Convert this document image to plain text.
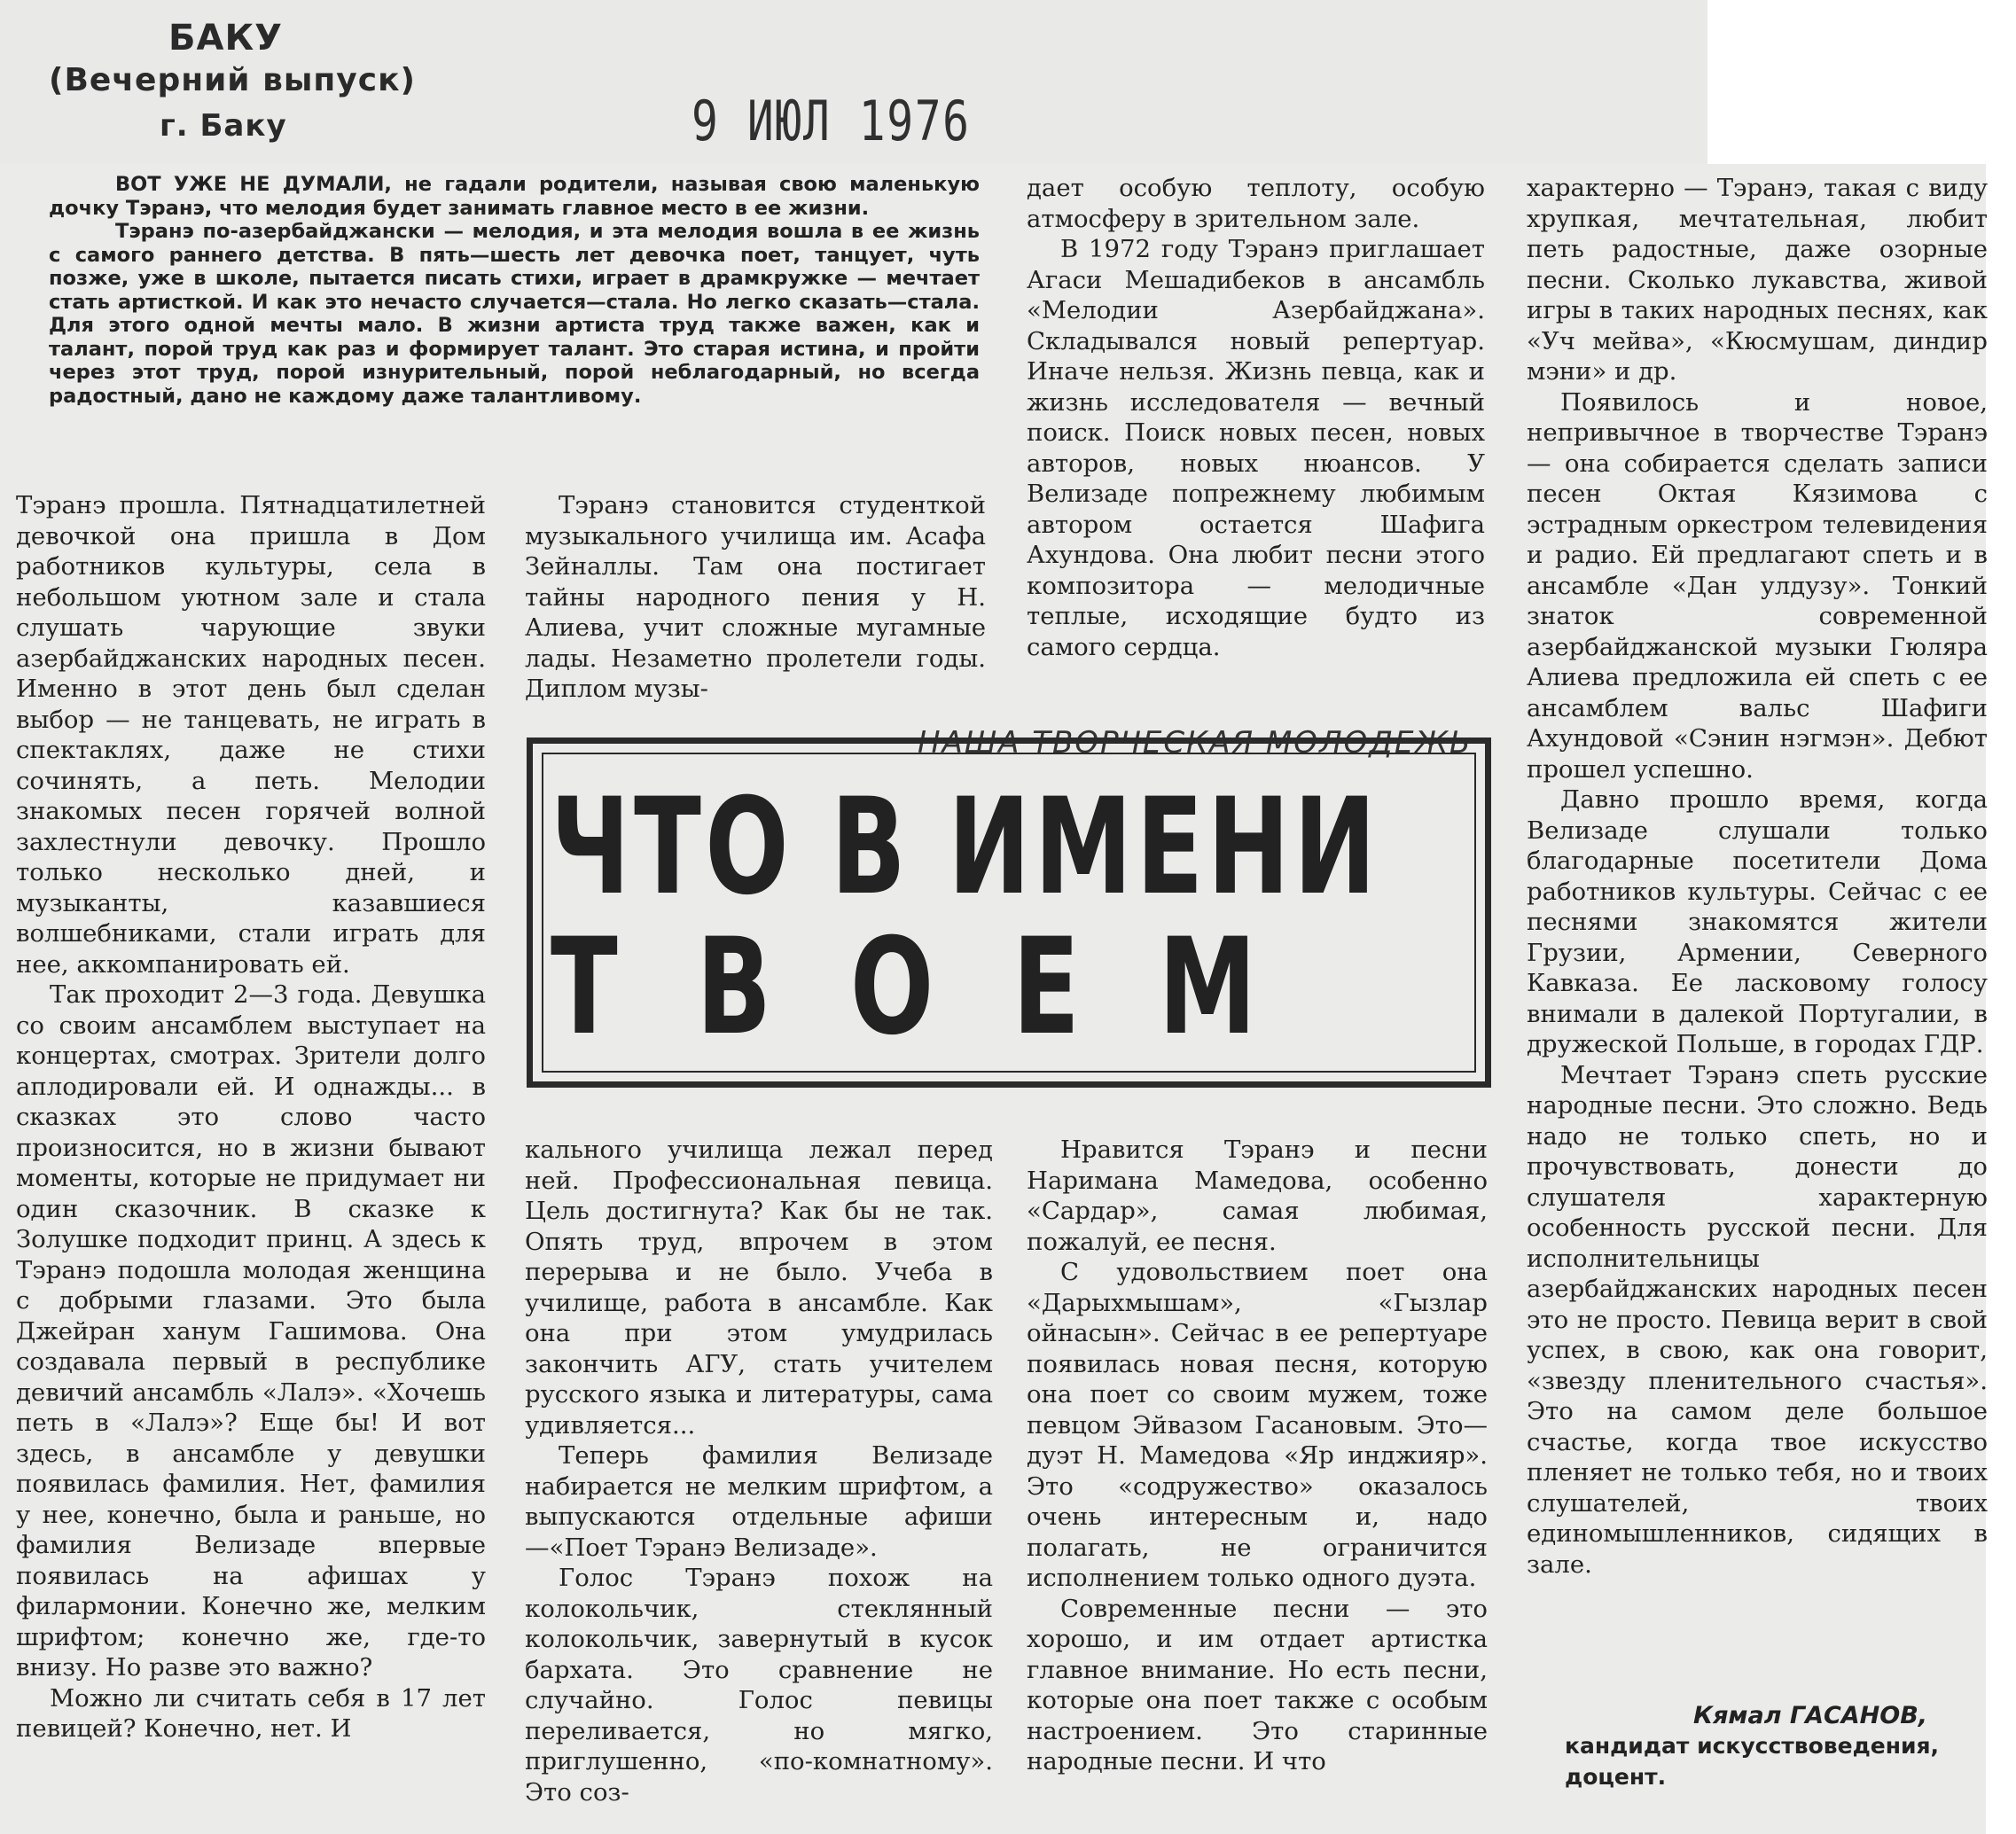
БАКУ
(Вечерний выпуск)
г. Баку	9 ИЮЛ 1976

ВОТ УЖЕ НЕ ДУМАЛИ, не гадали родители, называя свою маленькую дочку Тэранэ, что мелодия будет занимать главное место в ее жизни.

Тэранэ по-азербайджански — мелодия, и эта мелодия вошла в ее жизнь с самого раннего детства. В пять—шесть лет девочка поет, танцует, чуть позже, уже в школе, пытается писать стихи, играет в драмкружке — мечтает стать артисткой. И как это нечасто случается—стала. Но легко сказать—стала. Для этого одной мечты мало. В жизни артиста труд также важен, как и талант, порой труд как раз и формирует талант. Это старая истина, и пройти через этот труд, порой изнурительный, порой неблагодарный, но всегда радостный, дано не каждому даже талантливому.

Тэранэ прошла. Пятнадцатилетней девочкой она пришла в Дом работников культуры, села в небольшом уютном зале и стала слушать чарующие звуки азербайджанских народных песен. Именно в этот день был сделан выбор — не танцевать, не играть в спектаклях, даже не стихи сочинять, а петь. Мелодии знакомых песен горячей волной захлестнули девочку. Прошло только несколько дней, и музыканты, казавшиеся волшебниками, стали играть для нее, аккомпанировать ей.

Так проходит 2—3 года. Девушка со своим ансамблем выступает на концертах, смотрах. Зрители долго аплодировали ей. И однажды... в сказках это слово часто произносится, но в жизни бывают моменты, которые не придумает ни один сказочник. В сказке к Золушке подходит принц. А здесь к Тэранэ подошла молодая женщина с добрыми глазами. Это была Джейран ханум Гашимова. Она создавала первый в республике девичий ансамбль «Лалэ». «Хочешь петь в «Лалэ»? Еще бы! И вот здесь, в ансамбле у девушки появилась фамилия. Нет, фамилия у нее, конечно, была и раньше, но фамилия Велизаде впервые появилась на афишах у филармонии. Конечно же, мелким шрифтом; конечно же, где-то внизу. Но разве это важно?

Можно ли считать себя в 17 лет певицей? Конечно, нет. И

Тэранэ становится студенткой музыкального училища им. Асафа Зейналлы. Там она постигает тайны народного пения у Н. Алиева, учит сложные мугамные лады. Незаметно пролетели годы. Диплом музы-

дает особую теплоту, особую атмосферу в зрительном зале.

В 1972 году Тэранэ приглашает Агаси Мешадибеков в ансамбль «Мелодии Азербайджана». Складывался новый репертуар. Иначе нельзя. Жизнь певца, как и жизнь исследователя — вечный поиск. Поиск новых песен, новых авторов, новых нюансов. У Велизаде попрежнему любимым автором остается Шафига Ахундова. Она любит песни этого композитора — мелодичные теплые, исходящие будто из самого сердца.

НАША ТВОРЧЕСКАЯ МОЛОДЕЖЬ
ЧТО В ИМЕНИ
ТВОЕМ

кального училища лежал перед ней. Профессиональная певица. Цель достигнута? Как бы не так. Опять труд, впрочем в этом перерыва и не было. Учеба в училище, работа в ансамбле. Как она при этом умудрилась закончить АГУ, стать учителем русского языка и литературы, сама удивляется...

Теперь фамилия Велизаде набирается не мелким шрифтом, а выпускаются отдельные афиши—«Поет Тэранэ Велизаде».

Голос Тэранэ похож на колокольчик, стеклянный колокольчик, завернутый в кусок бархата. Это сравнение не случайно. Голос певицы переливается, но мягко, приглушенно, «по-комнатному». Это соз-

Нравится Тэранэ и песни Наримана Мамедова, особенно «Сардар», самая любимая, пожалуй, ее песня.

С удовольствием поет она «Дарыхмышам», «Гызлар ойнасын». Сейчас в ее репертуаре появилась новая песня, которую она поет со своим мужем, тоже певцом Эйвазом Гасановым. Это—дуэт Н. Мамедова «Яр инджияр». Это «содружество» оказалось очень интересным и, надо полагать, не ограничится исполнением только одного дуэта.

Современные песни — это хорошо, и им отдает артистка главное внимание. Но есть песни, которые она поет также с особым настроением. Это старинные народные песни. И что

характерно — Тэранэ, такая с виду хрупкая, мечтательная, любит петь радостные, даже озорные песни. Сколько лукавства, живой игры в таких народных песнях, как «Уч мейва», «Кюсмушам, диндир мэни» и др.

Появилось и новое, непривычное в творчестве Тэранэ — она собирается сделать записи песен Октая Кязимова с эстрадным оркестром телевидения и радио. Ей предлагают спеть и в ансамбле «Дан улдузу». Тонкий знаток современной азербайджанской музыки Гюляра Алиева предложила ей спеть с ее ансамблем вальс Шафиги Ахундовой «Сэнин нэгмэн». Дебют прошел успешно.

Давно прошло время, когда Велизаде слушали только благодарные посетители Дома работников культуры. Сейчас с ее песнями знакомятся жители Грузии, Армении, Северного Кавказа. Ее ласковому голосу внимали в далекой Португалии, в дружеской Польше, в городах ГДР.

Мечтает Тэранэ спеть русские народные песни. Это сложно. Ведь надо не только спеть, но и прочувствовать, донести до слушателя характерную особенность русской песни. Для исполнительницы азербайджанских народных песен это не просто. Певица верит в свой успех, в свою, как она говорит, «звезду пленительного счастья». Это на самом деле большое счастье, когда твое искусство пленяет не только тебя, но и твоих слушателей, твоих единомышленников, сидящих в зале.

Кямал ГАСАНОВ,
кандидат искусствоведения,
доцент.
